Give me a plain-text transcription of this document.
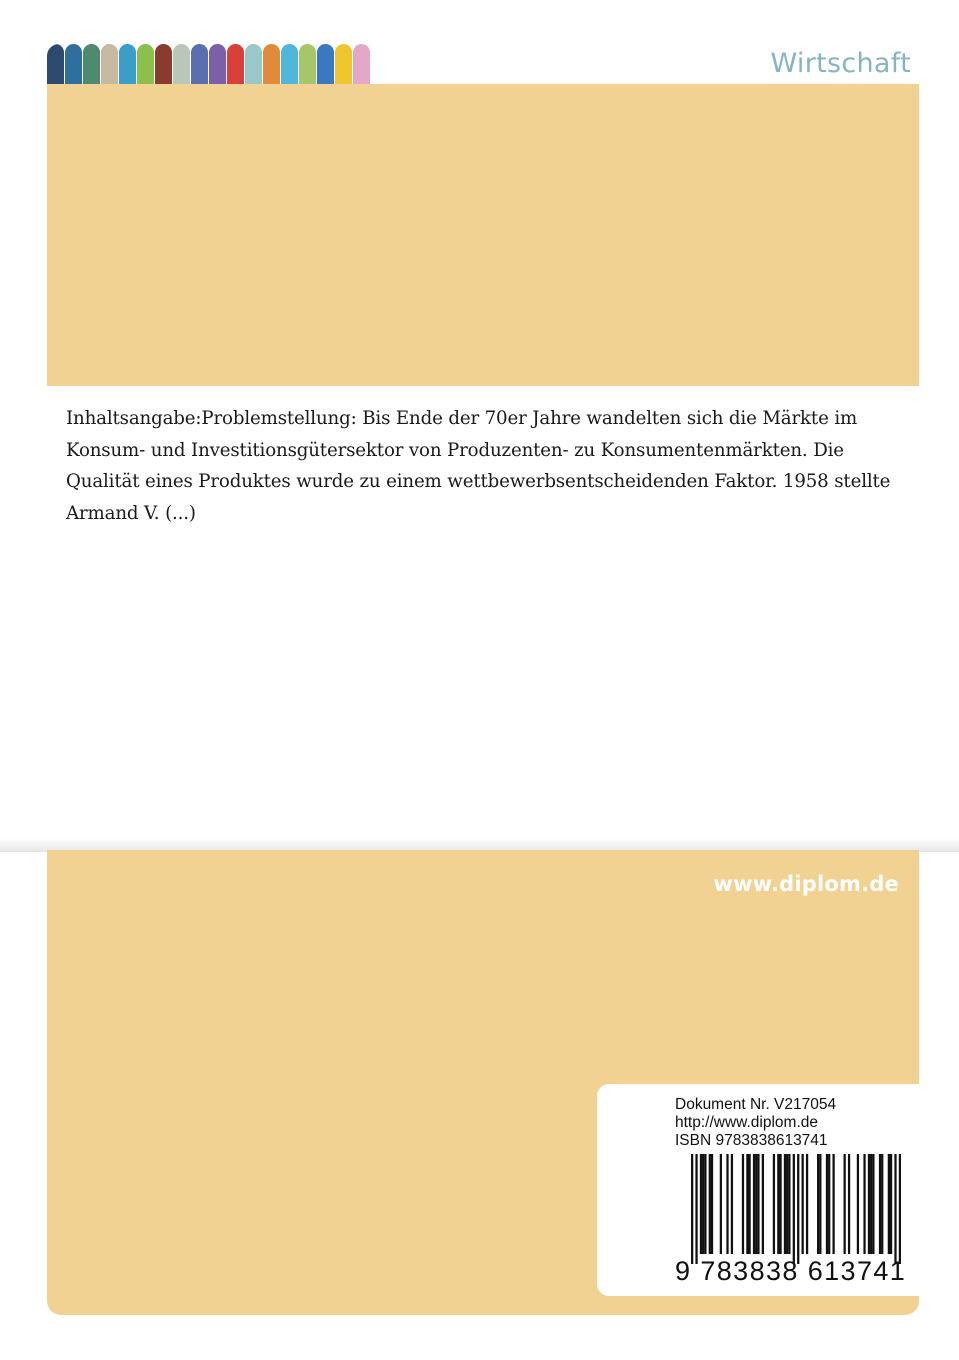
Wirtschaft

Inhaltsangabe:Problemstellung: Bis Ende der 70er Jahre wandelten sich die Märkte im Konsum- und Investitionsgütersektor von Produzenten- zu Konsumentenmärkten. Die Qualität eines Produktes wurde zu einem wettbewerbsentscheidenden Faktor. 1958 stellte Armand V. (...)

www.diplom.de

Dokument Nr. V217054

http://www.diplom.de

ISBN 9783838613741

9 783838 613741
